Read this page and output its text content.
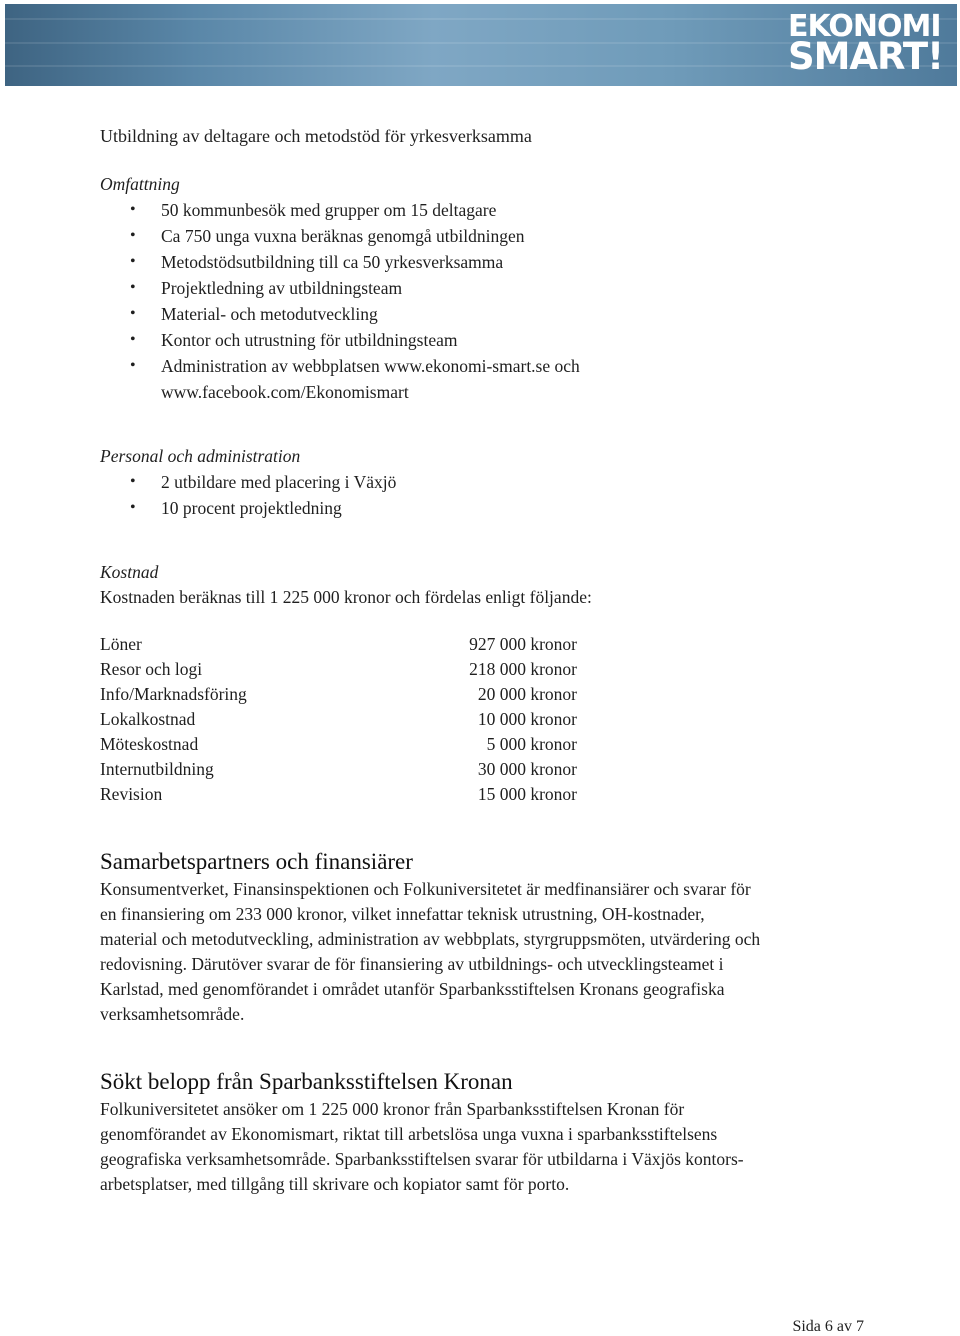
EKONOMI
SMART!

Utbildning av deltagare och metodstöd för yrkesverksamma

Omfattning

• 50 kommunbesök med grupper om 15 deltagare
• Ca 750 unga vuxna beräknas genomgå utbildningen
• Metodstödsutbildning till ca 50 yrkesverksamma
• Projektledning av utbildningsteam
• Material- och metodutveckling
• Kontor och utrustning för utbildningsteam
• Administration av webbplatsen www.ekonomi-smart.se och
www.facebook.com/Ekonomismart

Personal och administration

• 2 utbildare med placering i Växjö
• 10 procent projektledning

Kostnad

Kostnaden beräknas till 1 225 000 kronor och fördelas enligt följande:

Löner	927 000 kronor
Resor och logi	218 000 kronor
Info/Marknadsföring	20 000 kronor
Lokalkostnad	10 000 kronor
Möteskostnad	5 000 kronor
Internutbildning	30 000 kronor
Revision	15 000 kronor
Samarbetspartners och finansiärer

Konsumentverket, Finansinspektionen och Folkuniversitetet är medfinansiärer och svarar för
en finansiering om 233 000 kronor, vilket innefattar teknisk utrustning, OH-kostnader,
material och metodutveckling, administration av webbplats, styrgruppsmöten, utvärdering och
redovisning. Därutöver svarar de för finansiering av utbildnings- och utvecklingsteamet i
Karlstad, med genomförandet i området utanför Sparbanksstiftelsen Kronans geografiska
verksamhetsområde.

Sökt belopp från Sparbanksstiftelsen Kronan

Folkuniversitetet ansöker om 1 225 000 kronor från Sparbanksstiftelsen Kronan för
genomförandet av Ekonomismart, riktat till arbetslösa unga vuxna i sparbanksstiftelsens
geografiska verksamhetsområde. Sparbanksstiftelsen svarar för utbildarna i Växjös kontors-
arbetsplatser, med tillgång till skrivare och kopiator samt för porto.

Sida 6 av 7
